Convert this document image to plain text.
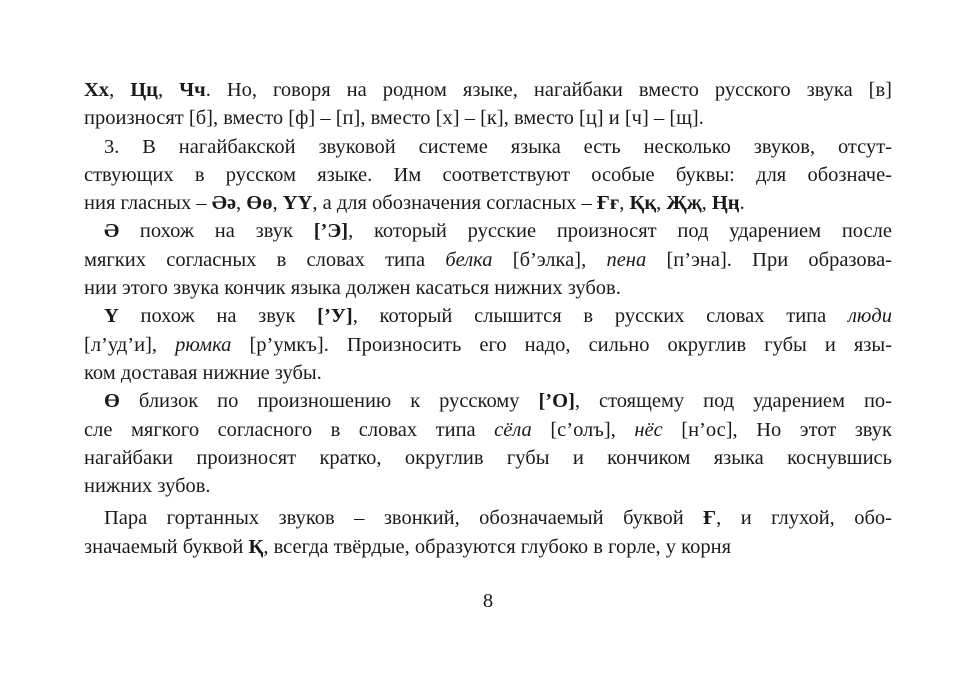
Хх, Цц, Чч. Но, говоря на родном языке, нагайбаки вместо русского звука [в]
произносят [б], вместо [ф] – [п], вместо [х] – [к], вместо [ц] и [ч] – [щ].
3. В нагайбакской звуковой системе языка есть несколько звуков, отсут-
ствующих в русском языке. Им соответствуют особые буквы: для обозначе-
ния гласных – Әә, Өө, ҮҮ, а для обозначения согласных – Ғғ, Ққ, Җҗ, Ңң.
Ә похож на звук [’Э], который русские произносят под ударением после
мягких согласных в словах типа белка [б’элка], пена [п’эна]. При образова-
нии этого звука кончик языка должен касаться нижних зубов.
Ү похож на звук [’У], который слышится в русских словах типа люди
[л’уд’и], рюмка [р’умкъ]. Произносить его надо, сильно округлив губы и язы-
ком доставая нижние зубы.
Ө близок по произношению к русскому [’О], стоящему под ударением по-
сле мягкого согласного в словах типа сёла [с’олъ], нёс [н’ос], Но этот звук
нагайбаки произносят кратко, округлив губы и кончиком языка коснувшись
нижних зубов.
Пара гортанных звуков – звонкий, обозначаемый буквой Ғ, и глухой, обо-
значаемый буквой Қ, всегда твёрдые, образуются глубоко в горле, у корня
8
